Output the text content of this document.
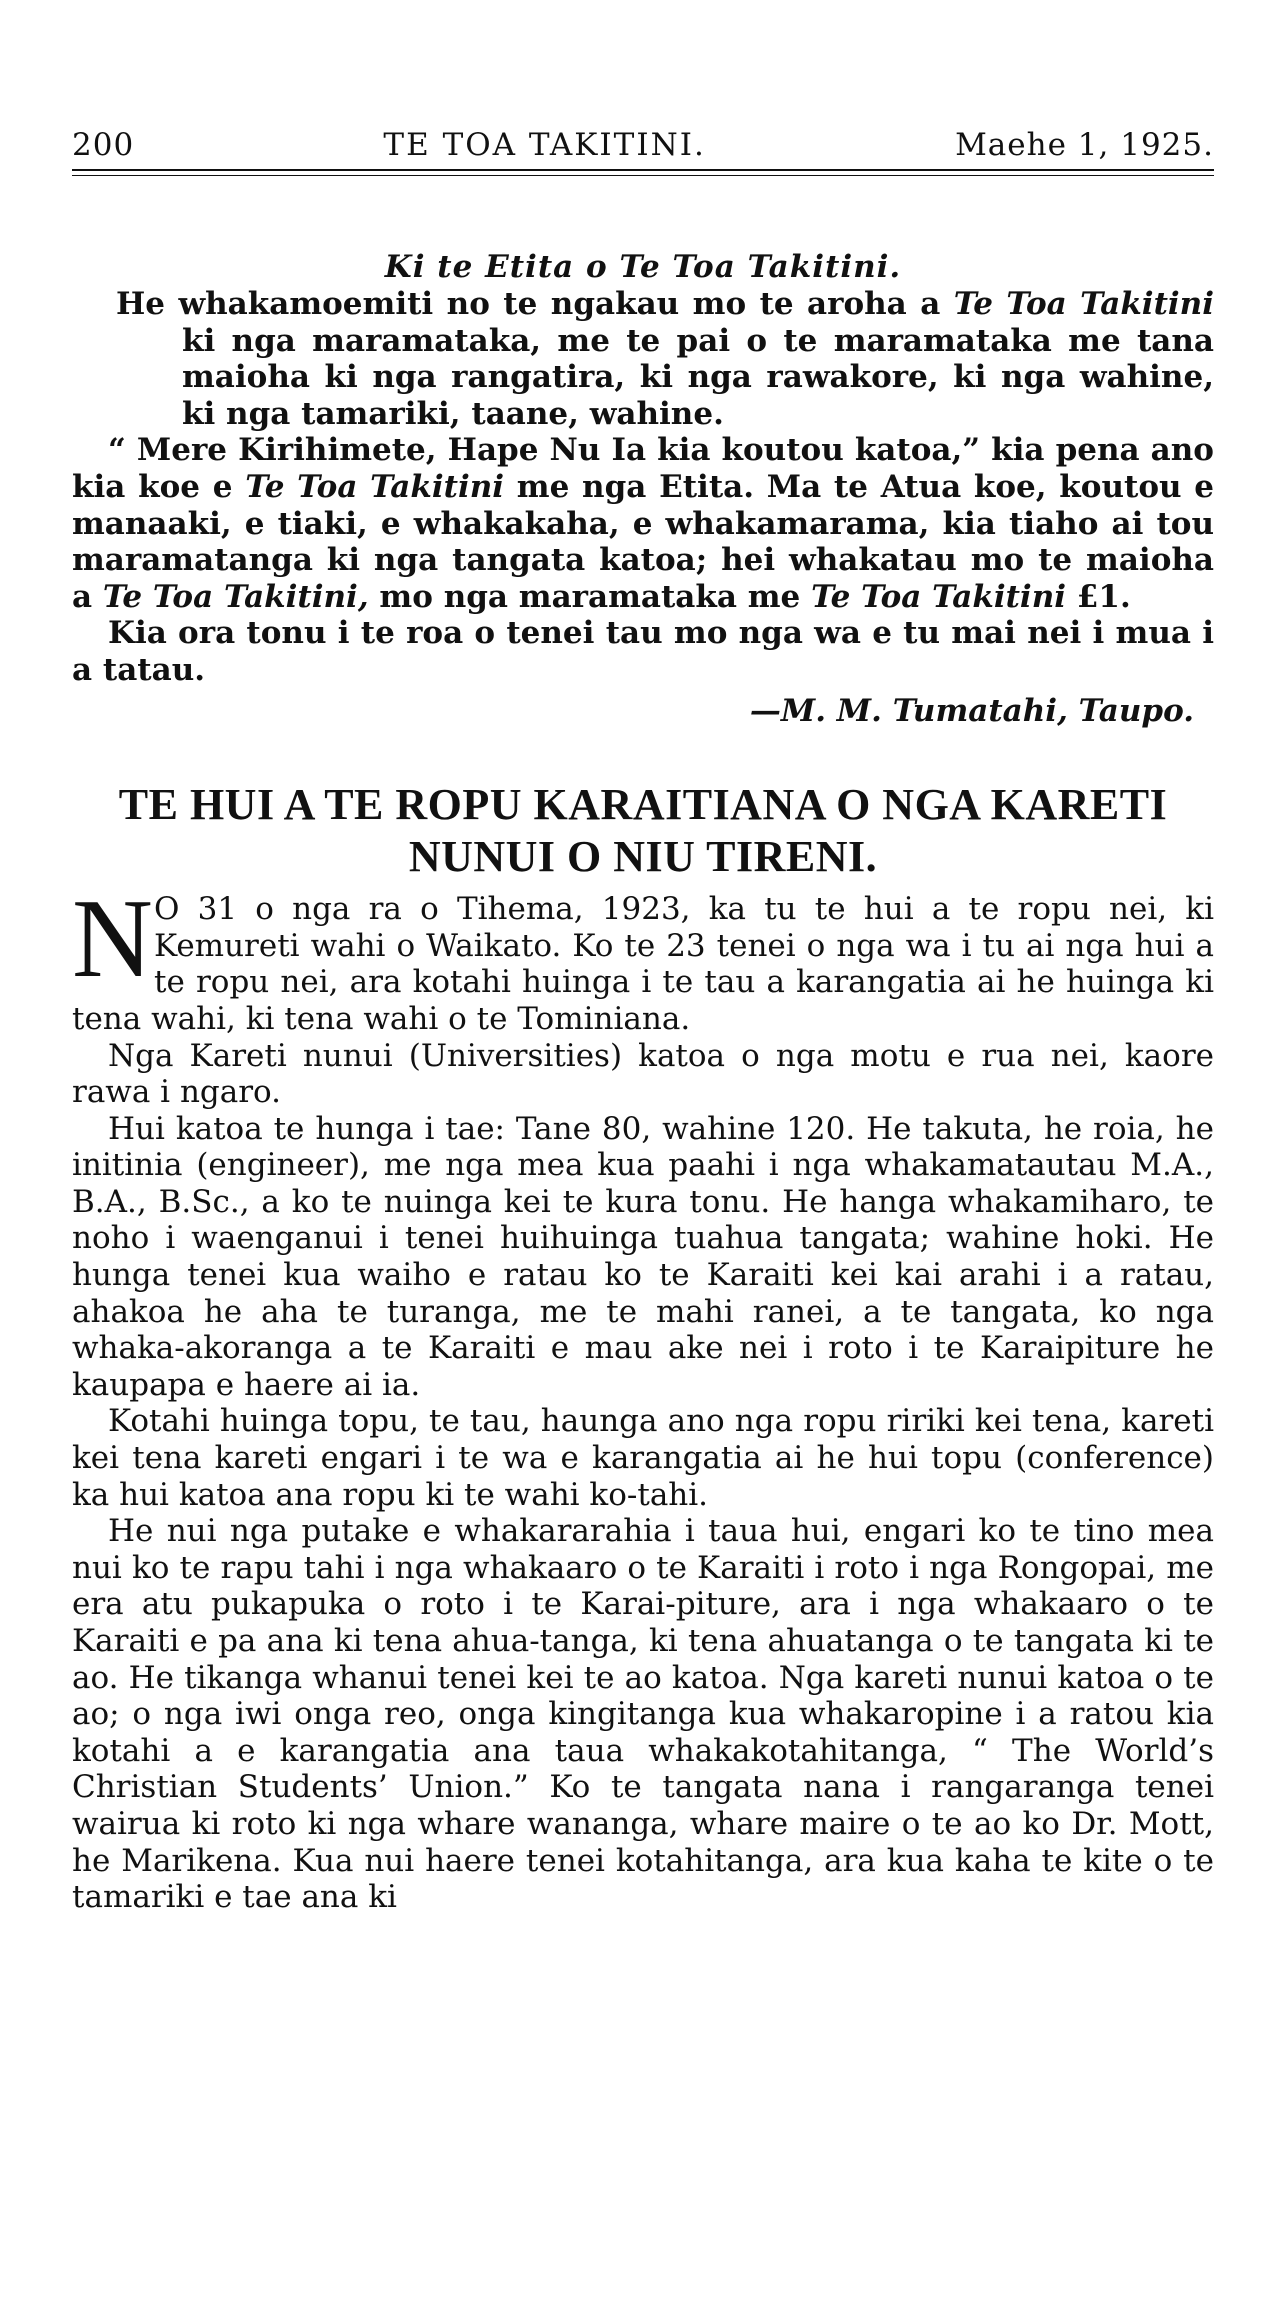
200	TE TOA TAKITINI.	Maehe 1, 1925.
Ki te Etita o Te Toa Takitini.

He whakamoemiti no te ngakau mo te aroha a Te Toa Takitini ki nga maramataka, me te pai o te maramataka me tana maioha ki nga rangatira, ki nga rawakore, ki nga wahine, ki nga tamariki, taane, wahine.

“ Mere Kirihimete, Hape Nu Ia kia koutou katoa,” kia pena ano kia koe e Te Toa Takitini me nga Etita. Ma te Atua koe, koutou e manaaki, e tiaki, e whakakaha, e whakamarama, kia tiaho ai tou maramatanga ki nga tangata katoa; hei whakatau mo te maioha a Te Toa Takitini, mo nga maramataka me Te Toa Takitini £1.

Kia ora tonu i te roa o tenei tau mo nga wa e tu mai nei i mua i a tatau.

—M. M. Tumatahi, Taupo.

TE HUI A TE ROPU KARAITIANA O NGA KARETI NUNUI O NIU TIRENI.

N O 31 o nga ra o Tihema, 1923, ka tu te hui a te ropu nei, ki Kemureti wahi o Waikato. Ko te 23 tenei o nga wa i tu ai nga hui a te ropu nei, ara kotahi huinga i te tau a karangatia ai he huinga ki tena wahi, ki tena wahi o te Tominiana.

Nga Kareti nunui (Universities) katoa o nga motu e rua nei, kaore rawa i ngaro.

Hui katoa te hunga i tae: Tane 80, wahine 120. He takuta, he roia, he initinia (engineer), me nga mea kua paahi i nga whakamatautau M.A., B.A., B.Sc., a ko te nuinga kei te kura tonu. He hanga whakamiharo, te noho i waenganui i tenei huihuinga tuahua tangata; wahine hoki. He hunga tenei kua waiho e ratau ko te Karaiti kei kai arahi i a ratau, ahakoa he aha te turanga, me te mahi ranei, a te tangata, ko nga whaka-akoranga a te Karaiti e mau ake nei i roto i te Karaipiture he kaupapa e haere ai ia.

Kotahi huinga topu, te tau, haunga ano nga ropu ririki kei tena, kareti kei tena kareti engari i te wa e karangatia ai he hui topu (conference) ka hui katoa ana ropu ki te wahi ko-tahi.

He nui nga putake e whakararahia i taua hui, engari ko te tino mea nui ko te rapu tahi i nga whakaaro o te Karaiti i roto i nga Rongopai, me era atu pukapuka o roto i te Karai-piture, ara i nga whakaaro o te Karaiti e pa ana ki tena ahua-tanga, ki tena ahuatanga o te tangata ki te ao. He tikanga whanui tenei kei te ao katoa. Nga kareti nunui katoa o te ao; o nga iwi onga reo, onga kingitanga kua whakaropine i a ratou kia kotahi a e karangatia ana taua whakakotahitanga, “ The World’s Christian Students’ Union.” Ko te tangata nana i rangaranga tenei wairua ki roto ki nga whare wananga, whare maire o te ao ko Dr. Mott, he Marikena. Kua nui haere tenei kotahitanga, ara kua kaha te kite o te tamariki e tae ana ki
